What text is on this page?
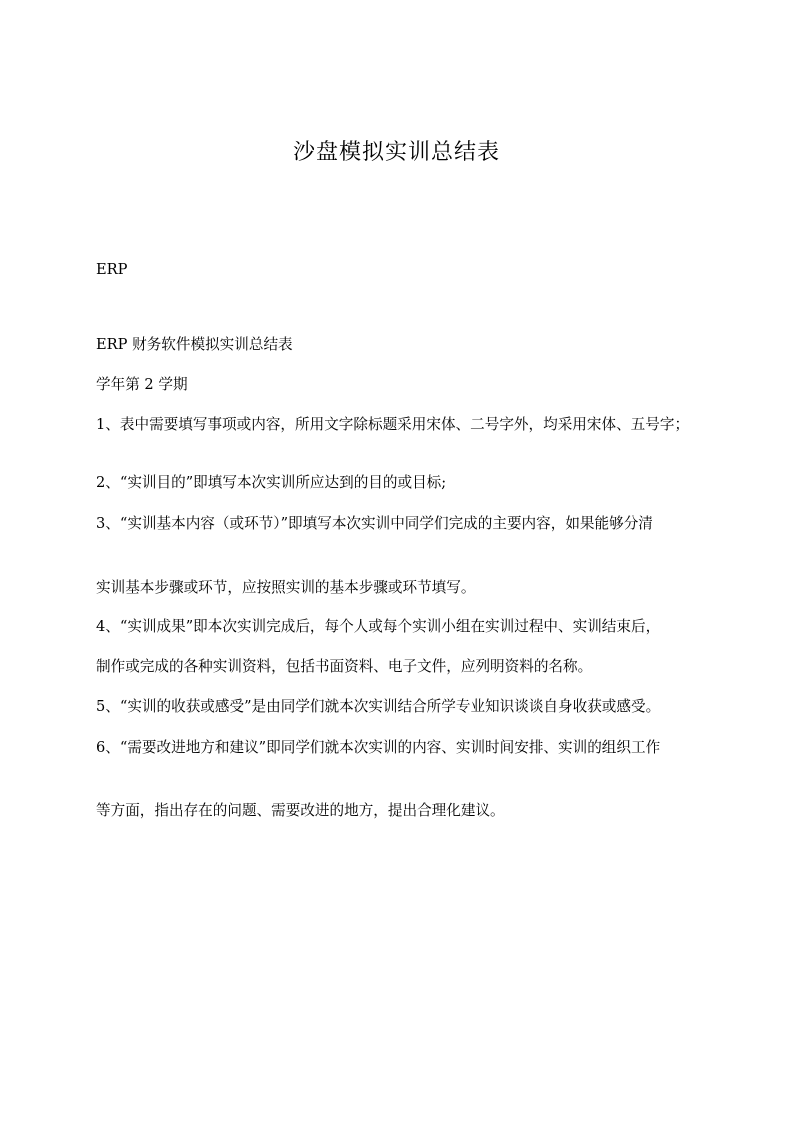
沙盘模拟实训总结表

ERP

ERP 财务软件模拟实训总结表

学年第 2 学期

1、表中需要填写事项或内容，所用文字除标题采用宋体、二号字外，均采用宋体、五号字；

2、“实训目的”即填写本次实训所应达到的目的或目标;

3、“实训基本内容（或环节）”即填写本次实训中同学们完成的主要内容，如果能够分清

实训基本步骤或环节，应按照实训的基本步骤或环节填写。

4、“实训成果”即本次实训完成后，每个人或每个实训小组在实训过程中、实训结束后，

制作或完成的各种实训资料，包括书面资料、电子文件，应列明资料的名称。

5、“实训的收获或感受”是由同学们就本次实训结合所学专业知识谈谈自身收获或感受。

6、“需要改进地方和建议”即同学们就本次实训的内容、实训时间安排、实训的组织工作

等方面，指出存在的问题、需要改进的地方，提出合理化建议。
